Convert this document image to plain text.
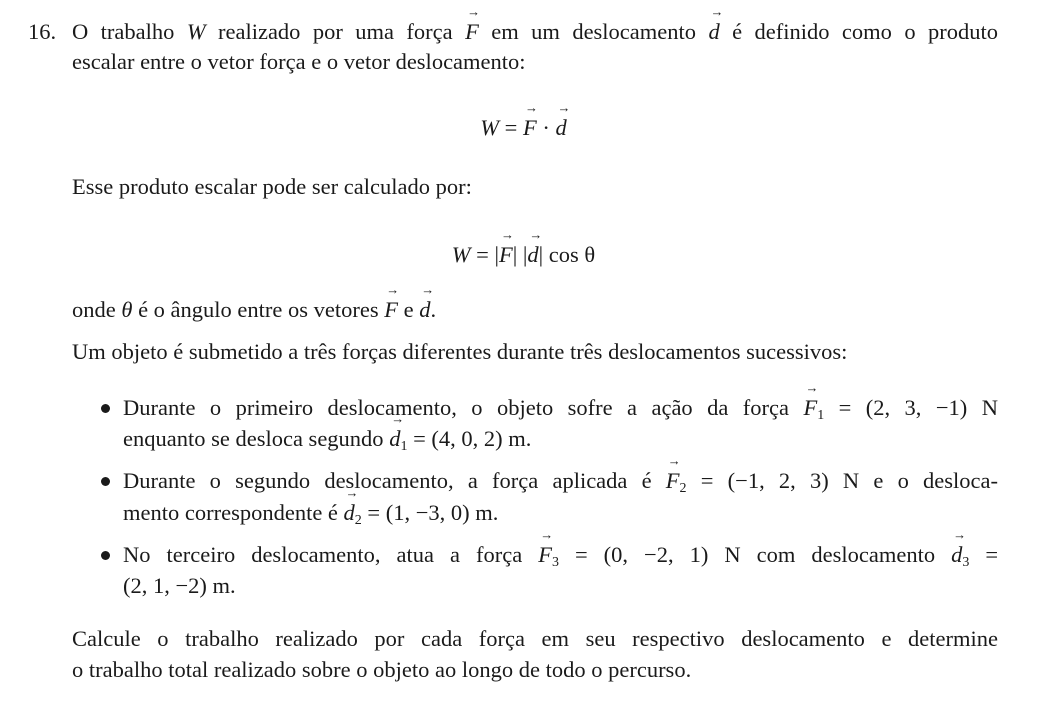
16. O trabalho W realizado por uma força → F em um deslocamento → d é definido como o produto
escalar entre o vetor força e o vetor deslocamento:
W = → F · → d
Esse produto escalar pode ser calculado por:
W = |→ F| |→ d| cos θ
onde θ é o ângulo entre os vetores → F e → d.
Um objeto é submetido a três forças diferentes durante três deslocamentos sucessivos:
Durante o primeiro deslocamento, o objeto sofre a ação da força → $F_1 = (2$, 3, −1) N
enquanto se desloca segundo → $d_1 = (4$, 0, 2) m.
Durante o segundo deslocamento, a força aplicada é → $F_2 = (-1$, 2, 3) N e o desloca-
mento correspondente é → $d_2 = (1$, −3, 0) m.
No terceiro deslocamento, atua a força → $F_3 = (0$, −2, 1) N com deslocamento → $d_3$ =
(2, 1, −2) m.
Calcule o trabalho realizado por cada força em seu respectivo deslocamento e determine
o trabalho total realizado sobre o objeto ao longo de todo o percurso.
